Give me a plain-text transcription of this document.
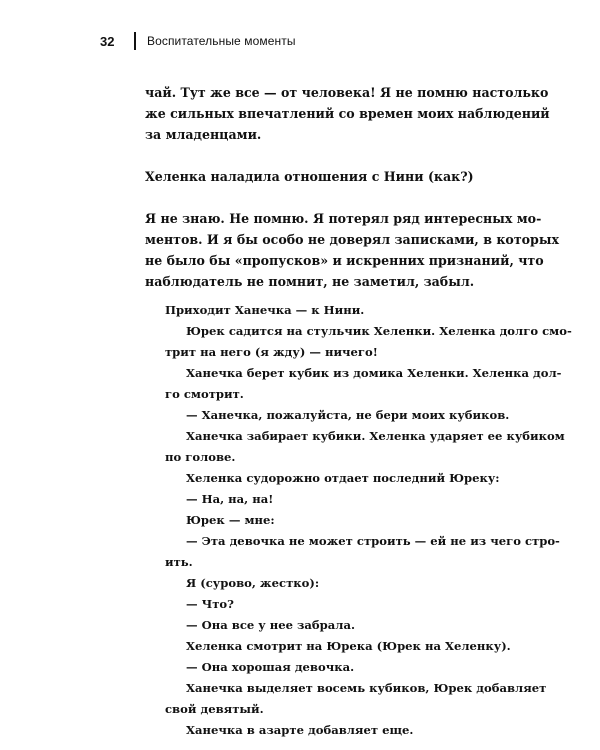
32	Воспитательные моменты

чай. Тут же все — от человека! Я не помню настолько
же сильных впечатлений со времен моих наблюдений
за младенцами.

Хеленка наладила отношения с Нини (как?)

Я не знаю. Не помню. Я потерял ряд интересных мо-
ментов. И я бы особо не доверял записками, в которых
не было бы «пропусков» и искренних признаний, что
наблюдатель не помнит, не заметил, забыл.

Приходит Ханечка — к Нини.
Юрек садится на стульчик Хеленки. Хеленка долго смо-
трит на него (я жду) — ничего!
Ханечка берет кубик из домика Хеленки. Хеленка дол-
го смотрит.
— Ханечка, пожалуйста, не бери моих кубиков.
Ханечка забирает кубики. Хеленка ударяет ее кубиком
по голове.
Хеленка судорожно отдает последний Юреку:
— На, на, на!
Юрек — мне:
— Эта девочка не может строить — ей не из чего стро-
ить.
Я (сурово, жестко):
— Что?
— Она все у нее забрала.
Хеленка смотрит на Юрека (Юрек на Хеленку).
— Она хорошая девочка.
Ханечка выделяет восемь кубиков, Юрек добавляет
свой девятый.
Ханечка в азарте добавляет еще.
